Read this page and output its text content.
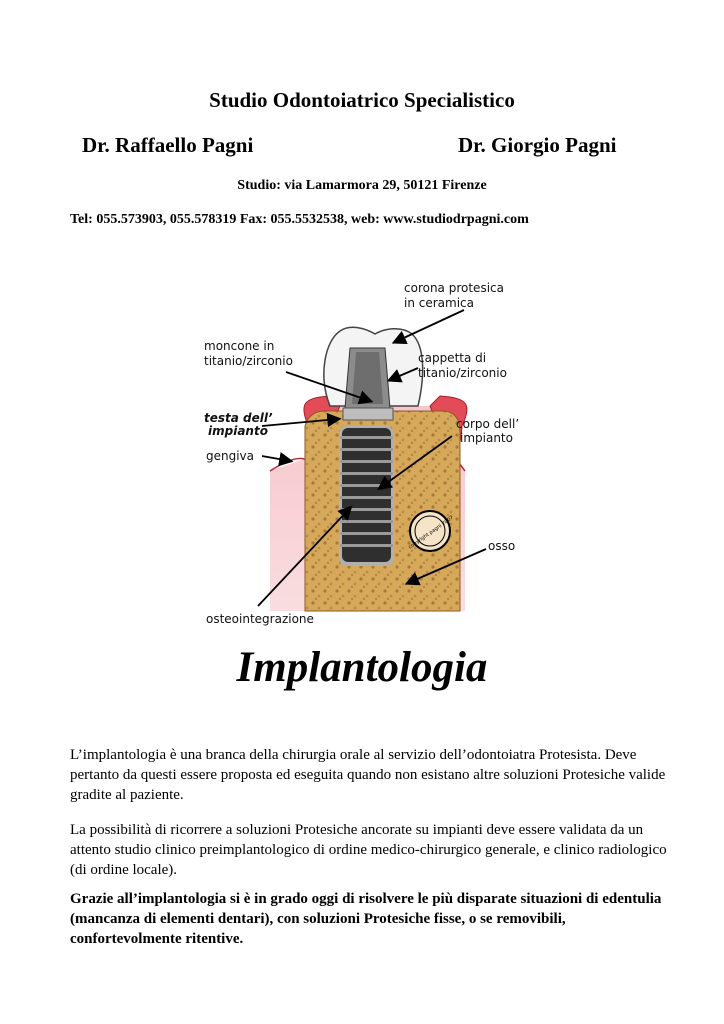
Studio Odontoiatrico Specialistico
Dr. Raffaello Pagni	Dr. Giorgio Pagni
Studio: via Lamarmora 29, 50121 Firenze
Tel: 055.573903, 055.578319 Fax: 055.5532538, web: www.studiodrpagni.com
copyright pagni 2007
corona protesica
in ceramica
moncone in
titanio/zirconio	cappetta di
titanio/zirconio
testa dell’
impianto	corpo dell’
impianto
gengiva
osso
osteointegrazione
Implantologia

L’implantologia è una branca della chirurgia orale al servizio dell’odontoiatra Protesista. Deve pertanto da questi essere proposta ed eseguita quando non esistano altre soluzioni Protesiche valide gradite al paziente.

La possibilità di ricorrere a soluzioni Protesiche ancorate su impianti deve essere validata da un attento studio clinico preimplantologico di ordine medico-chirurgico generale, e clinico radiologico (di ordine locale).

Grazie all’implantologia si è in grado oggi di risolvere le più disparate situazioni di edentulia (mancanza di elementi dentari), con soluzioni Protesiche fisse, o se removibili, confortevolmente ritentive.
